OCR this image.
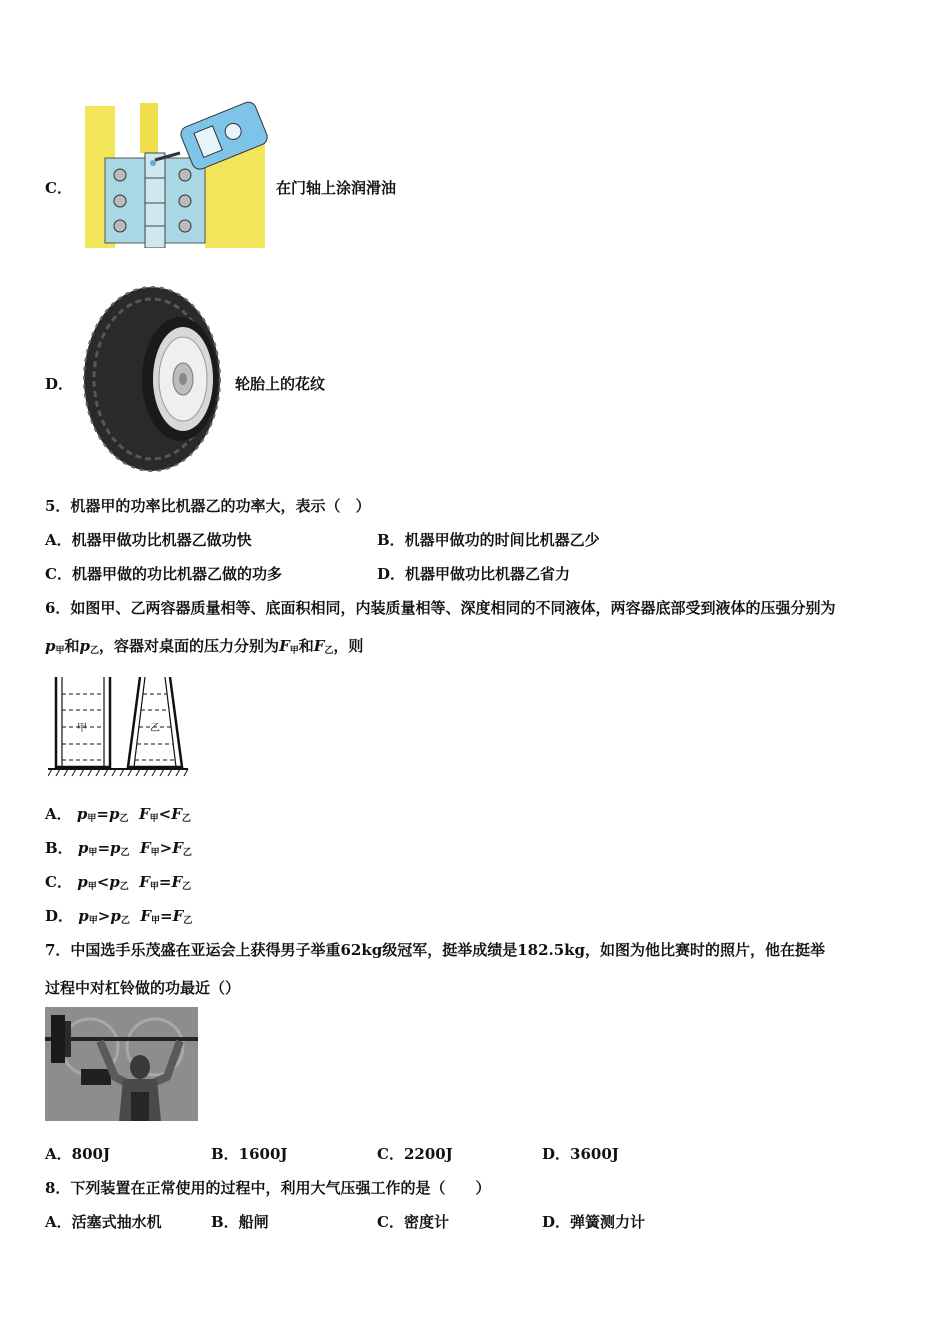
C．	在门轴上涂润滑油
D．	轮胎上的花纹
5．机器甲的功率比机器乙的功率大，表示（　）
A．机器甲做功比机器乙做功快	B．机器甲做功的时间比机器乙少
C．机器甲做的功比机器乙做的功多	D．机器甲做功比机器乙省力
6．如图甲、乙两容器质量相等、底面积相同，内装质量相等、深度相同的不同液体，两容器底部受到液体的压强分别为
$p_甲$和$p_乙$，容器对桌面的压力分别为$F_甲$和$F_乙$，则
甲	乙
A． $p_甲=p_乙$ $F_甲<F_乙$
B． $p_甲=p_乙$ $F_甲>F_乙$
C． $p_甲<p_乙$ $F_甲=F_乙$
D． $p_甲>p_乙$ $F_甲=F_乙$
7．中国选手乐茂盛在亚运会上获得男子举重62kg级冠军，挺举成绩是182.5kg，如图为他比赛时的照片，他在挺举
过程中对杠铃做的功最近（）
A．800J	B．1600J	C．2200J	D．3600J
8．下列装置在正常使用的过程中，利用大气压强工作的是（　　）
A．活塞式抽水机	B．船闸	C．密度计	D．弹簧测力计
